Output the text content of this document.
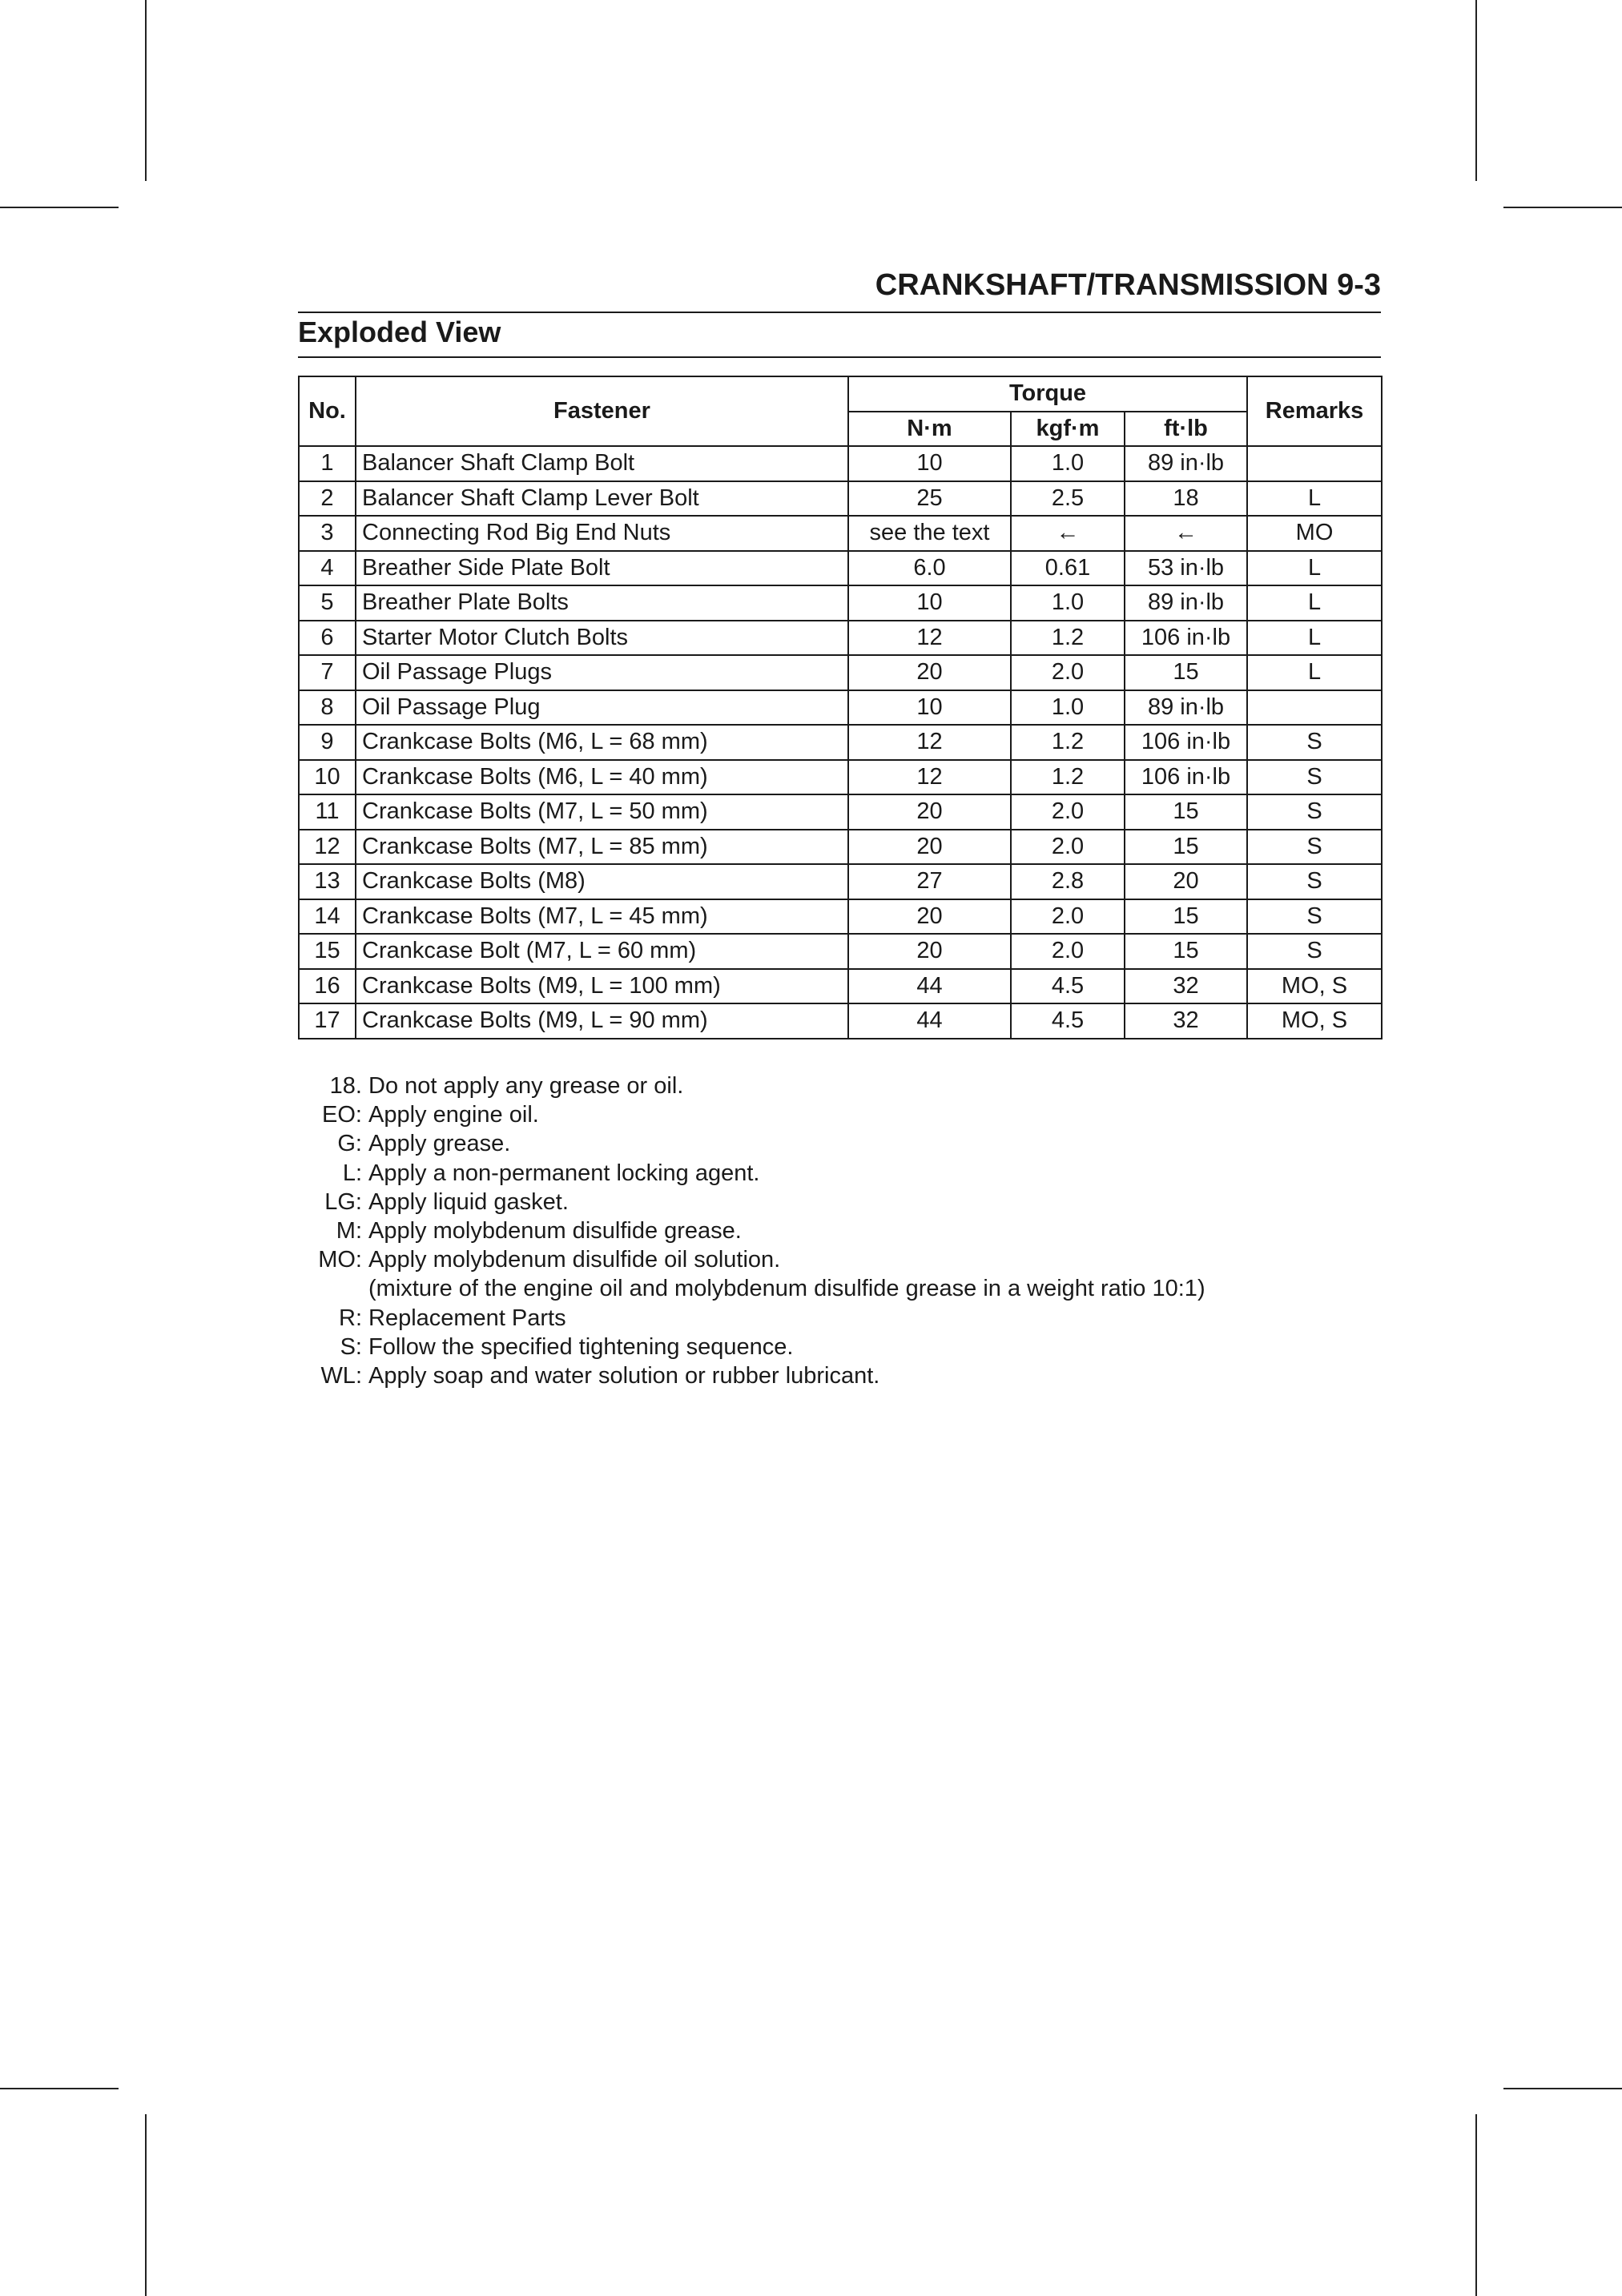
CRANKSHAFT/TRANSMISSION 9-3
Exploded View
No.	Fastener	Torque			Remarks
		N·m	kgf·m	ft·lb	
1	Balancer Shaft Clamp Bolt	10	1.0	89 in·lb	
2	Balancer Shaft Clamp Lever Bolt	25	2.5	18	L
3	Connecting Rod Big End Nuts	see the text	←	←	MO
4	Breather Side Plate Bolt	6.0	0.61	53 in·lb	L
5	Breather Plate Bolts	10	1.0	89 in·lb	L
6	Starter Motor Clutch Bolts	12	1.2	106 in·lb	L
7	Oil Passage Plugs	20	2.0	15	L
8	Oil Passage Plug	10	1.0	89 in·lb	
9	Crankcase Bolts (M6, L = 68 mm)	12	1.2	106 in·lb	S
10	Crankcase Bolts (M6, L = 40 mm)	12	1.2	106 in·lb	S
11	Crankcase Bolts (M7, L = 50 mm)	20	2.0	15	S
12	Crankcase Bolts (M7, L = 85 mm)	20	2.0	15	S
13	Crankcase Bolts (M8)	27	2.8	20	S
14	Crankcase Bolts (M7, L = 45 mm)	20	2.0	15	S
15	Crankcase Bolt (M7, L = 60 mm)	20	2.0	15	S
16	Crankcase Bolts (M9, L = 100 mm)	44	4.5	32	MO, S
17	Crankcase Bolts (M9, L = 90 mm)	44	4.5	32	MO, S
18. Do not apply any grease or oil.
EO: Apply engine oil.
G: Apply grease.
L: Apply a non-permanent locking agent.
LG: Apply liquid gasket.
M: Apply molybdenum disulfide grease.
MO: Apply molybdenum disulfide oil solution.
(mixture of the engine oil and molybdenum disulfide grease in a weight ratio 10:1)
R: Replacement Parts
S: Follow the specified tightening sequence.
WL: Apply soap and water solution or rubber lubricant.
